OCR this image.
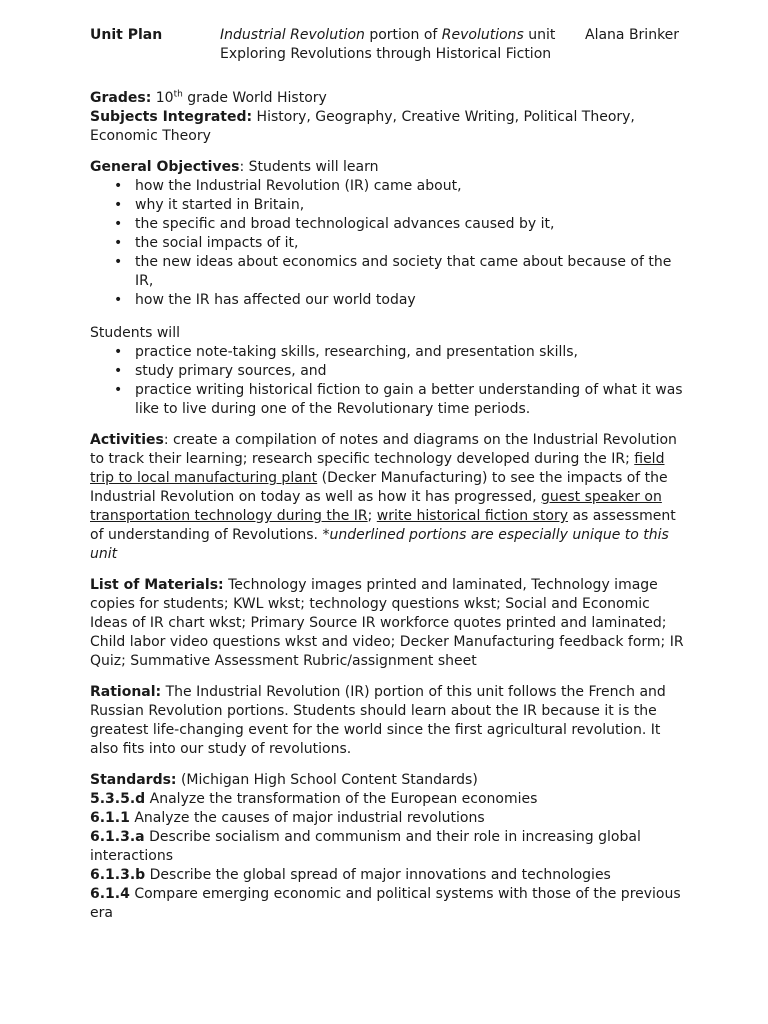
Unit Plan	Industrial Revolution portion of Revolutions unit
Exploring Revolutions through Historical Fiction
Alana Brinker

Grades: 10th grade World History

Subjects Integrated: History, Geography, Creative Writing, Political Theory, Economic Theory

General Objectives: Students will learn

• how the Industrial Revolution (IR) came about,
• why it started in Britain,
• the specific and broad technological advances caused by it,
• the social impacts of it,
• the new ideas about economics and society that came about because of the IR,
• how the IR has affected our world today

Students will

• practice note-taking skills, researching, and presentation skills,
• study primary sources, and
• practice writing historical fiction to gain a better understanding of what it was like to live during one of the Revolutionary time periods.

Activities: create a compilation of notes and diagrams on the Industrial Revolution to track their learning; research specific technology developed during the IR; field trip to local manufacturing plant (Decker Manufacturing) to see the impacts of the Industrial Revolution on today as well as how it has progressed, guest speaker on transportation technology during the IR; write historical fiction story as assessment of understanding of Revolutions. *underlined portions are especially unique to this unit

List of Materials: Technology images printed and laminated, Technology image copies for students; KWL wkst; technology questions wkst; Social and Economic Ideas of IR chart wkst; Primary Source IR workforce quotes printed and laminated; Child labor video questions wkst and video; Decker Manufacturing feedback form; IR Quiz; Summative Assessment Rubric/assignment sheet

Rational: The Industrial Revolution (IR) portion of this unit follows the French and Russian Revolution portions. Students should learn about the IR because it is the greatest life-changing event for the world since the first agricultural revolution. It also fits into our study of revolutions.

Standards: (Michigan High School Content Standards)

5.3.5.d Analyze the transformation of the European economies

6.1.1 Analyze the causes of major industrial revolutions

6.1.3.a Describe socialism and communism and their role in increasing global interactions

6.1.3.b Describe the global spread of major innovations and technologies

6.1.4 Compare emerging economic and political systems with those of the previous era
